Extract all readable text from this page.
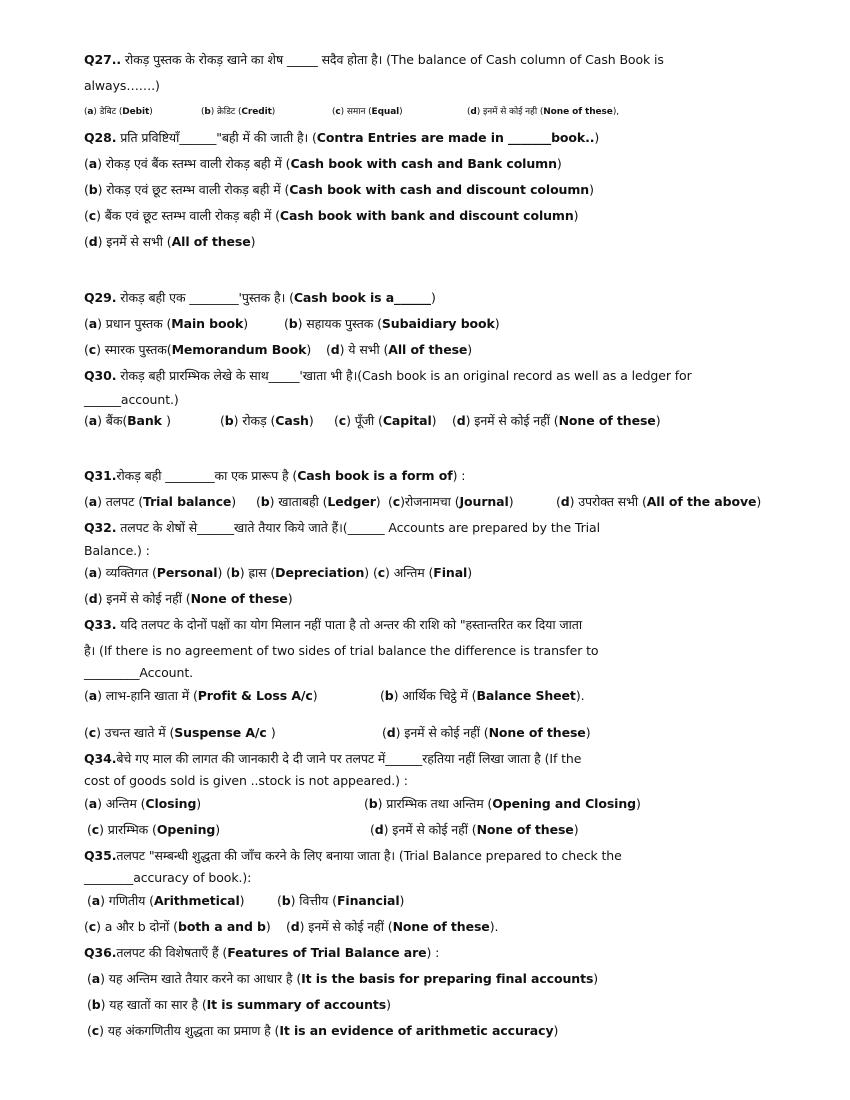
Q27.. रोकड़ पुस्तक के रोकड़ खाने का शेष _____ सदैव होता है। (The balance of Cash column of Cash Book is
always…….)
(a) डेबिट (Debit)	(b) क्रेडिट (Credit)	(c) समान (Equal)	(d) इनमें से कोई नही (None of these),
Q28. प्रति प्रविष्टियाँ______"बही में की जाती है। (Contra Entries are made in _______book..)
(a) रोकड़ एवं बैंक स्तम्भ वाली रोकड़ बही में (Cash book with cash and Bank column)
(b) रोकड़ एवं छूट स्तम्भ वाली रोकड़ बही में (Cash book with cash and discount coloumn)
(c) बैंक एवं छूट स्तम्भ वाली रोकड़ बही में (Cash book with bank and discount column)
(d) इनमें से सभी (All of these)
Q29. रोकड़ बही एक ________'पुस्तक है। (Cash book is a______)
(a) प्रधान पुस्तक (Main book)	(b) सहायक पुस्तक (Subaidiary book)
(c) स्मारक पुस्तक(Memorandum Book) (d) ये सभी (All of these)
Q30. रोकड़ बही प्रारम्भिक लेखे के साथ_____'खाता भी है।(Cash book is an original record as well as a ledger for
______account.)
(a) बैंक(Bank )	(b) रोकड़ (Cash) (c) पूँजी (Capital) (d) इनमें से कोई नहीं (None of these)
Q31.रोकड़ बही ________का एक प्रारूप है (Cash book is a form of) :
(a) तलपट (Trial balance) (b) खाताबही (Ledger) (c)रोजनामचा (Journal)	(d) उपरोक्त सभी (All of the above)
Q32. तलपट के शेषों से______खाते तैयार किये जाते हैं।(______ Accounts are prepared by the Trial
Balance.) :
(a) व्यक्तिगत (Personal) (b) ह्रास (Depreciation) (c) अन्तिम (Final)
(d) इनमें से कोई नहीं (None of these)
Q33. यदि तलपट के दोनों पक्षों का योग मिलान नहीं पाता है तो अन्तर की राशि को "हस्तान्तरित कर दिया जाता
है। (If there is no agreement of two sides of trial balance the difference is transfer to
_________Account.
(a) लाभ-हानि खाता में (Profit & Loss A/c)	(b) आर्थिक चिट्ठे में (Balance Sheet).
(c) उचन्त खाते में (Suspense A/c )	(d) इनमें से कोई नहीं (None of these)
Q34.बेचे गए माल की लागत की जानकारी दे दी जाने पर तलपट में______रहतिया नहीं लिखा जाता है (If the
cost of goods sold is given ..stock is not appeared.) :
(a) अन्तिम (Closing)	(b) प्रारम्भिक तथा अन्तिम (Opening and Closing)
(c) प्रारम्भिक (Opening)	(d) इनमें से कोई नहीं (None of these)
Q35.तलपट "सम्बन्धी शुद्धता की जाँच करने के लिए बनाया जाता है। (Trial Balance prepared to check the
________accuracy of book.):
(a) गणितीय (Arithmetical)	(b) वित्तीय (Financial)
(c) a और b दोनों (both a and b) (d) इनमें से कोई नहीं (None of these).
Q36.तलपट की विशेषताएँ हैं (Features of Trial Balance are) :
(a) यह अन्तिम खाते तैयार करने का आधार है (It is the basis for preparing final accounts)
(b) यह खातों का सार है (It is summary of accounts)
(c) यह अंकगणितीय शुद्धता का प्रमाण है (It is an evidence of arithmetic accuracy)
